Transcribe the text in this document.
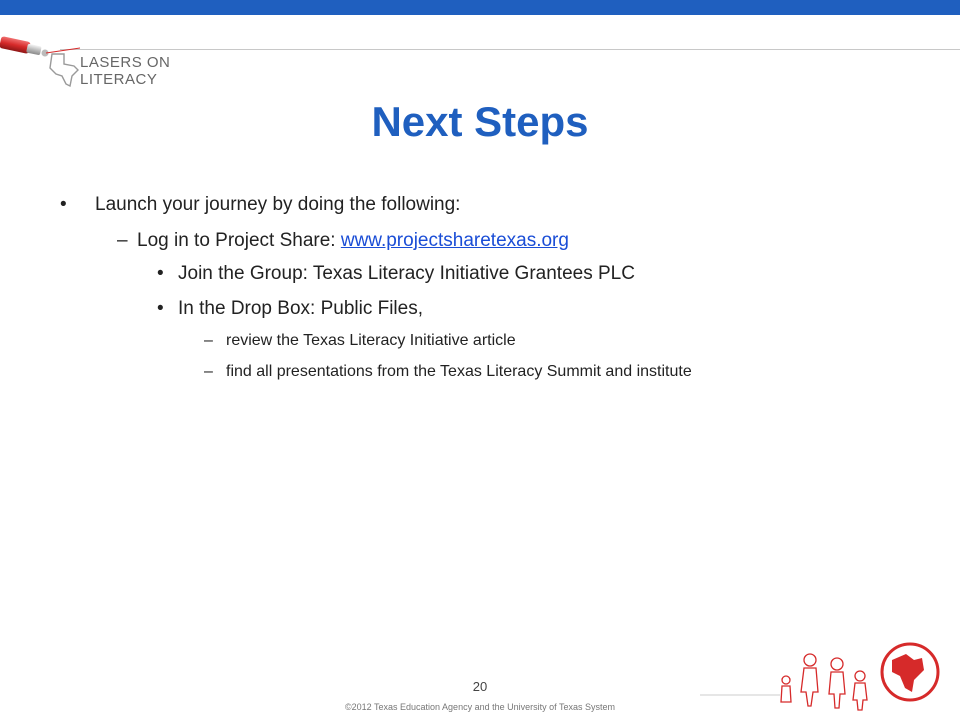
LASERS ON LITERACY
Next Steps
• Launch your journey by doing the following:
– Log in to Project Share: www.projectsharetexas.org
• Join the Group: Texas Literacy Initiative Grantees PLC
• In the Drop Box: Public Files,
– review the Texas Literacy Initiative article
– find all presentations from the Texas Literacy Summit and institute
20
©2012 Texas Education Agency and the University of Texas System
